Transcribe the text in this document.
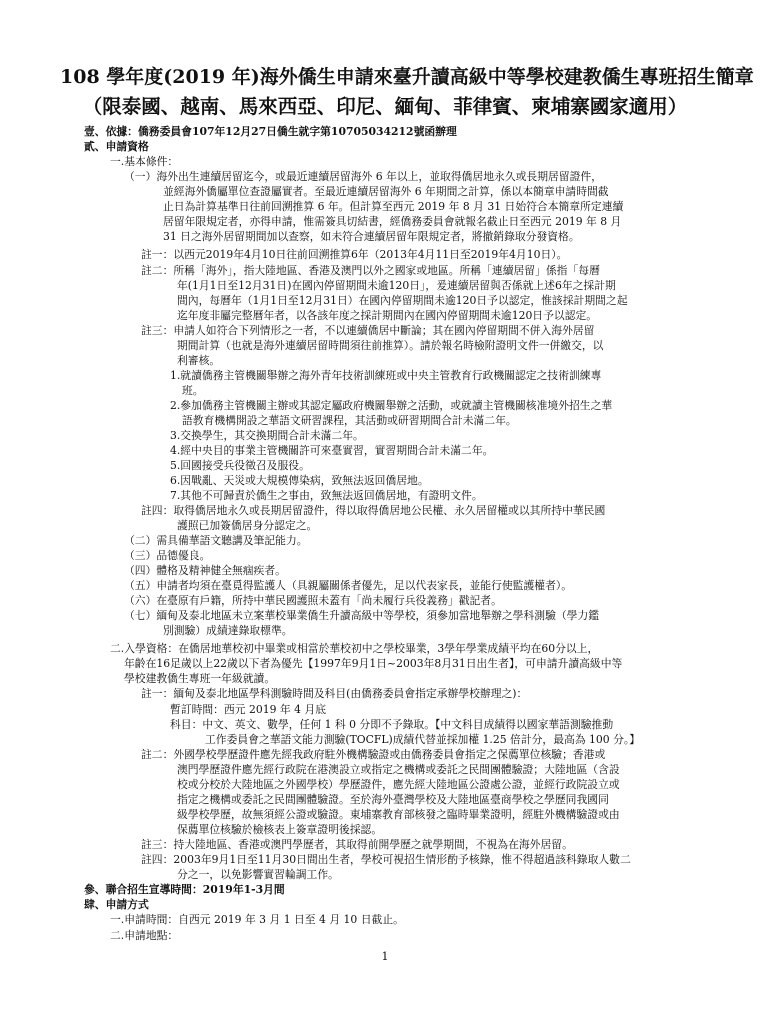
108 學年度(2019 年)海外僑生申請來臺升讀高級中等學校建教僑生專班招生簡章
（限泰國、越南、馬來西亞、印尼、緬甸、菲律賓、柬埔寨國家適用）
壹、依據：僑務委員會107年12月27日僑生就字第10705034212號函辦理
貳、申請資格
一.基本條件：
（一）海外出生連續居留迄今，或最近連續居留海外 6 年以上，並取得僑居地永久或長期居留證件，
並經海外僑屬單位查證屬實者。至最近連續居留海外 6 年期間之計算，係以本簡章申請時間截
止日為計算基準日往前回溯推算 6 年。但計算至西元 2019 年 8 月 31 日始符合本簡章所定連續
居留年限規定者，亦得申請，惟需簽具切結書，經僑務委員會就報名截止日至西元 2019 年 8 月
31 日之海外居留期間加以查察，如未符合連續居留年限規定者，將撤銷錄取分發資格。
註一：以西元2019年4月10日往前回溯推算6年（2013年4月11日至2019年4月10日）。
註二：所稱「海外」，指大陸地區、香港及澳門以外之國家或地區。所稱「連續居留」係指「每曆
年(1月1日至12月31日)在國內停留期間未逾120日」，爰連續居留與否係就上述6年之採計期
間內，每曆年（1月1日至12月31日）在國內停留期間未逾120日予以認定，惟該採計期間之起
迄年度非屬完整曆年者，以各該年度之採計期間內在國內停留期間未逾120日予以認定。
註三：申請人如符合下列情形之一者，不以連續僑居中斷論；其在國內停留期間不併入海外居留
期間計算（也就是海外連續居留時間須往前推算）。請於報名時檢附證明文件一併繳交，以
利審核。
1.就讀僑務主管機關舉辦之海外青年技術訓練班或中央主管教育行政機關認定之技術訓練專
班。
2.參加僑務主管機關主辦或其認定屬政府機關舉辦之活動，或就讀主管機關核准境外招生之華
語教育機構開設之華語文研習課程，其活動或研習期間合計未滿二年。
3.交換學生，其交換期間合計未滿二年。
4.經中央目的事業主管機關許可來臺實習，實習期間合計未滿二年。
5.回國接受兵役徵召及服役。
6.因戰亂、天災或大規模傳染病，致無法返回僑居地。
7.其他不可歸責於僑生之事由，致無法返回僑居地，有證明文件。
註四：取得僑居地永久或長期居留證件，得以取得僑居地公民權、永久居留權或以其所持中華民國
護照已加簽僑居身分認定之。
（二）需具備華語文聽講及筆記能力。
（三）品德優良。
（四）體格及精神健全無痼疾者。
（五）申請者均須在臺覓得監護人（具親屬關係者優先，足以代表家長，並能行使監護權者）。
（六）在臺原有戶籍，所持中華民國護照未蓋有「尚未履行兵役義務」戳記者。
（七）緬甸及泰北地區未立案華校畢業僑生升讀高級中等學校，須參加當地舉辦之學科測驗（學力鑑
別測驗）成績達錄取標準。
二.入學資格：在僑居地華校初中畢業或相當於華校初中之學校畢業，3學年學業成績平均在60分以上，
年齡在16足歲以上22歲以下者為優先【1997年9月1日~2003年8月31日出生者】，可申請升讀高級中等
學校建教僑生專班一年級就讀。
註一：緬甸及泰北地區學科測驗時間及科目(由僑務委員會指定承辦學校辦理之)：
暫訂時間：西元 2019 年 4 月底
科目：中文、英文、數學，任何 1 科 0 分即不予錄取。【中文科目成績得以國家華語測驗推動
工作委員會之華語文能力測驗(TOCFL)成績代替並採加權 1.25 倍計分，最高為 100 分。】
註二：外國學校學歷證件應先經我政府駐外機構驗證或由僑務委員會指定之保薦單位核驗；香港或
澳門學歷證件應先經行政院在港澳設立或指定之機構或委託之民間團體驗證；大陸地區（含設
校或分校於大陸地區之外國學校）學歷證件，應先經大陸地區公證處公證，並經行政院設立或
指定之機構或委託之民間團體驗證。至於海外臺灣學校及大陸地區臺商學校之學歷同我國同
級學校學歷，故無須經公證或驗證。東埔寨教育部核發之臨時畢業證明，經駐外機構驗證或由
保薦單位核驗於檢核表上簽章證明後採認。
註三：持大陸地區、香港或澳門學歷者，其取得前開學歷之就學期間，不視為在海外居留。
註四：2003年9月1日至11月30日間出生者，學校可視招生情形酌予核錄，惟不得超過該科錄取人數二
分之一，以免影響實習輪調工作。
參、聯合招生宣導時間：2019年1-3月間
肆、申請方式
一.申請時間：自西元 2019 年 3 月 1 日至 4 月 10 日截止。
二.申請地點：
1
